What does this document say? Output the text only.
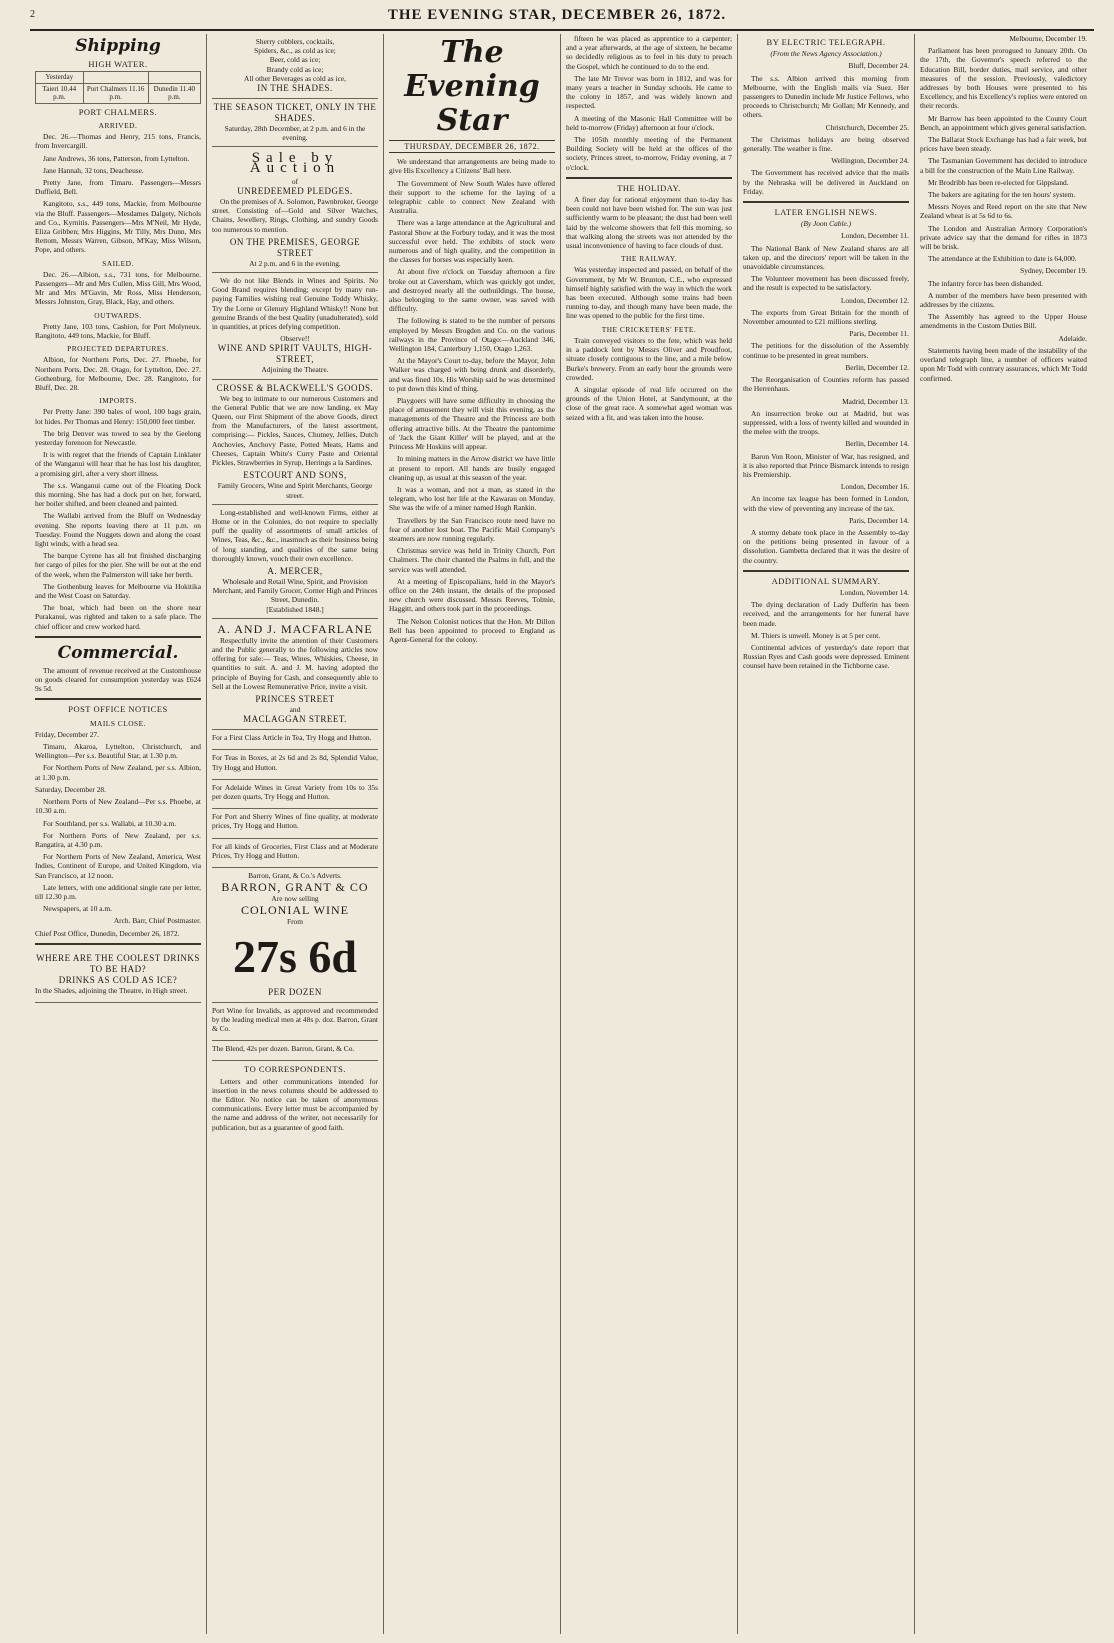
2	THE EVENING STAR, DECEMBER 26, 1872.
Shipping
HIGH WATER.
Yesterday		
Taieri 10.44 p.m.	Port Chalmers 11.16 p.m.	Dunedin 11.40 p.m.
PORT CHALMERS.
ARRIVED.

Dec. 26.—Thomas and Henry, 215 tons, Francis, from Invercargill.

Jane Andrews, 36 tons, Patterson, from Lyttelton.

Jane Hannah, 32 tons, Deacheuse.

Pretty Jane, from Timaru. Passengers—Messrs Duffield, Bell.

Kangitoto, s.s., 449 tons, Mackie, from Melbourne via the Bluff. Passengers—Mesdames Dalgety, Nichols and Co., Kyrnitis. Passengers—Mrs M'Neil, Mr Hyde, Eliza Gribben; Mrs Higgins, Mr Tilly, Mrs Dunn, Mrs Rettom, Messrs Warren, Gibson, M'Kay, Miss Wilson, Pope, and others.

SAILED.

Dec. 26.—Albion, s.s., 731 tons, for Melbourne. Passengers—Mr and Mrs Cullen, Miss Gill, Mrs Wood, Mr and Mrs M'Gavin, Mr Ross, Miss Henderson, Messrs Johnston, Gray, Black, Hay, and others.

OUTWARDS.

Pretty Jane, 103 tons, Cashion, for Port Molyneux. Rangitoto, 449 tons, Mackie, for Bluff.

PROJECTED DEPARTURES.

Albion, for Northern Ports, Dec. 27. Phoebe, for Northern Ports, Dec. 28. Otago, for Lyttelton, Dec. 27. Gothenburg, for Melbourne, Dec. 28. Rangitoto, for Bluff, Dec. 28.

IMPORTS.

Per Pretty Jane: 390 bales of wool, 100 bags grain, lot hides. Per Thomas and Henry: 150,000 feet timber.

The brig Denver was towed to sea by the Geelong yesterday forenoon for Newcastle.

It is with regret that the friends of Captain Linklater of the Wanganui will hear that he has lost his daughter, a promising girl, after a very short illness.

The s.s. Wanganui came out of the Floating Dock this morning. She has had a dock put on her, forward, her boiler shifted, and been cleaned and painted.

The Wallabi arrived from the Bluff on Wednesday evening. She reports leaving there at 11 p.m. on Tuesday. Found the Nuggets down and along the coast light winds, with a head sea.

The barque Cyrene has all but finished discharging her cargo of piles for the pier. She will be out at the end of the week, when the Palmerston will take her berth.

The Gothenburg leaves for Melbourne via Hokitika and the West Coast on Saturday.

The boat, which had been on the shore near Purakanui, was righted and taken to a safe place. The chief officer and crew worked hard.

Commercial.

The amount of revenue received at the Customhouse on goods cleared for consumption yesterday was £624 9s 5d.

POST OFFICE NOTICES
MAILS CLOSE.

Friday, December 27.

Timaru, Akaroa, Lyttelton, Christchurch, and Wellington—Per s.s. Beautiful Star, at 1.30 p.m.

For Northern Ports of New Zealand, per s.s. Albion, at 1.30 p.m.

Saturday, December 28.

Northern Ports of New Zealand—Per s.s. Phoebe, at 10.30 a.m.

For Southland, per s.s. Wallabi, at 10.30 a.m.

For Northern Ports of New Zealand, per s.s. Rangatira, at 4.30 p.m.

For Northern Ports of New Zealand, America, West Indies, Continent of Europe, and United Kingdom, via San Francisco, at 12 noon.

Late letters, with one additional single rate per letter, till 12.30 p.m.

Newspapers, at 10 a.m.

Arch. Barr, Chief Postmaster.

Chief Post Office, Dunedin, December 26, 1872.

WHERE ARE THE COOLEST DRINKS TO BE HAD?
DRINKS AS COLD AS ICE?

In the Shades, adjoining the Theatre, in High street.

Sherry cobblers, cocktails,
Spiders, &c., as cold as ice;
Beer, cold as ice;
Brandy cold as ice;
All other Beverages as cold as ice,
IN THE SHADES.
THE SEASON TICKET, ONLY IN THE SHADES.
Saturday, 28th December, at 2 p.m. and 6 in the evening.
Sale by Auction
of
UNREDEEMED PLEDGES.

On the premises of A. Solomon, Pawnbroker, George street. Consisting of—Gold and Silver Watches, Chains, Jewellery, Rings, Clothing, and sundry Goods too numerous to mention.

ON THE PREMISES, GEORGE STREET
At 2 p.m. and 6 in the evening.

We do not like Blends in Wines and Spirits. No Good Brand requires blending; except by many run-paying Families wishing real Genuine Toddy Whisky, Try the Lorne or Glenury Highland Whisky!! None but genuine Brands of the best Quality (unadulterated), sold in quantities, at prices defying competition.

Observe!!
WINE AND SPIRIT VAULTS, HIGH-STREET,
Adjoining the Theatre.
CROSSE & BLACKWELL'S GOODS.

We beg to intimate to our numerous Customers and the General Public that we are now landing, ex May Queen, our First Shipment of the above Goods, direct from the Manufacturers, of the latest assortment, comprising:— Pickles, Sauces, Chutney, Jellies, Dutch Anchovies, Anchovy Paste, Potted Meats, Hams and Cheeses, Captain White's Curry Paste and Oriental Pickles, Strawberries in Syrup, Herrings a la Sardines.

ESTCOURT AND SONS,
Family Grocers, Wine and Spirit Merchants, George street.

Long-established and well-known Firms, either at Home or in the Colonies, do not require to specially puff the quality of assortments of small articles of Wines, Teas, &c., &c., inasmuch as their business being of long standing, and qualities of the same being thoroughly known, vouch their own excellence.

A. MERCER,
Wholesale and Retail Wine, Spirit, and Provision Merchant, and Family Grocer, Corner High and Princes Street, Dunedin.
[Established 1848.]
A. AND J. MACFARLANE

Respectfully invite the attention of their Customers and the Public generally to the following articles now offering for sale:— Teas, Wines, Whiskies, Cheese, in quantities to suit. A. and J. M. having adopted the principle of Buying for Cash, and consequently able to Sell at the Lowest Remunerative Price, invite a visit.

PRINCES STREET
and
MACLAGGAN STREET.

For a First Class Article in Tea, Try Hogg and Hutton.

For Teas in Boxes, at 2s 6d and 2s 8d, Splendid Value, Try Hogg and Hutton.

For Adelaide Wines in Great Variety from 10s to 35s per dozen quarts, Try Hogg and Hutton.

For Port and Sherry Wines of fine quality, at moderate prices, Try Hogg and Hutton.

For all kinds of Groceries, First Class and at Moderate Prices, Try Hogg and Hutton.

Barron, Grant, & Co.'s Adverts.
BARRON, GRANT & CO
Are now selling
COLONIAL WINE
From
27s 6d
PER DOZEN

Port Wine for Invalids, as approved and recommended by the leading medical men at 48s p. doz. Barron, Grant & Co.

The Blend, 42s per dozen. Barron, Grant, & Co.

TO CORRESPONDENTS.

Letters and other communications intended for insertion in the news columns should be addressed to the Editor. No notice can be taken of anonymous communications. Every letter must be accompanied by the name and address of the writer, not necessarily for publication, but as a guarantee of good faith.

The Evening Star
THURSDAY, DECEMBER 26, 1872.

We understand that arrangements are being made to give His Excellency a Citizens' Ball here.

The Government of New South Wales have offered their support to the scheme for the laying of a telegraphic cable to connect New Zealand with Australia.

There was a large attendance at the Agricultural and Pastoral Show at the Forbury today, and it was the most successful ever held. The exhibits of stock were numerous and of high quality, and the competition in the classes for horses was especially keen.

At about five o'clock on Tuesday afternoon a fire broke out at Caversham, which was quickly got under, and destroyed nearly all the outbuildings. The house, also belonging to the same owner, was saved with difficulty.

The following is stated to be the number of persons employed by Messrs Brogden and Co. on the various railways in the Province of Otago:—Auckland 346, Wellington 184, Canterbury 1,150, Otago 1,263.

At the Mayor's Court to-day, before the Mayor, John Walker was charged with being drunk and disorderly, and was fined 10s. His Worship said he was determined to put down this kind of thing.

Playgoers will have some difficulty in choosing the place of amusement they will visit this evening, as the managements of the Theatre and the Princess are both offering attractive bills. At the Theatre the pantomime of 'Jack the Giant Killer' will be played, and at the Princess Mr Hoskins will appear.

In mining matters in the Arrow district we have little at present to report. All hands are busily engaged cleaning up, as usual at this season of the year.

It was a woman, and not a man, as stated in the telegram, who lost her life at the Kawarau on Monday. She was the wife of a miner named Hugh Rankin.

Travellers by the San Francisco route need have no fear of another lost boat. The Pacific Mail Company's steamers are now running regularly.

Christmas service was held in Trinity Church, Port Chalmers. The choir chanted the Psalms in full, and the service was well attended.

At a meeting of Episcopalians, held in the Mayor's office on the 24th instant, the details of the proposed new church were discussed. Messrs Reeves, Tolmie, Haggitt, and others took part in the proceedings.

The Nelson Colonist notices that the Hon. Mr Dillon Bell has been appointed to proceed to England as Agent-General for the colony.

fifteen he was placed as apprentice to a carpenter; and a year afterwards, at the age of sixteen, he became so decidedly religious as to feel in his duty to preach the Gospel, which he continued to do to the end.

The late Mr Trevor was born in 1812, and was for many years a teacher in Sunday schools. He came to the colony in 1857, and was widely known and respected.

A meeting of the Masonic Hall Committee will be held to-morrow (Friday) afternoon at four o'clock.

The 105th monthly meeting of the Permanent Building Society will be held at the offices of the society, Princes street, to-morrow, Friday evening, at 7 o'clock.

THE HOLIDAY.

A finer day for rational enjoyment than to-day has been could not have been wished for. The sun was just sufficiently warm to be pleasant; the dust had been well laid by the welcome showers that fell this morning, so that walking along the streets was not attended by the usual inconvenience of having to face clouds of dust.

THE RAILWAY.

Was yesterday inspected and passed, on behalf of the Government, by Mr W. Brunton, C.E., who expressed himself highly satisfied with the way in which the work has been executed. Although some trains had been running to-day, and though many have been made, the line was opened to the public for the first time.

THE CRICKETERS' FETE.

Train conveyed visitors to the fete, which was held in a paddock lent by Messrs Oliver and Proudfoot, situate closely contiguous to the line, and a mile below Burke's brewery. From an early hour the grounds were crowded.

A singular episode of real life occurred on the grounds of the Union Hotel, at Sandymount, at the close of the great race. A somewhat aged woman was seized with a fit, and was taken into the house.

BY ELECTRIC TELEGRAPH.
(From the News Agency Association.)

Bluff, December 24.

The s.s. Albion arrived this morning from Melbourne, with the English mails via Suez. Her passengers to Dunedin include Mr Justice Fellows, who proceeds to Christchurch; Mr Gollan; Mr Kennedy, and others.

Christchurch, December 25.

The Christmas holidays are being observed generally. The weather is fine.

Wellington, December 24.

The Government has received advice that the mails by the Nebraska will be delivered in Auckland on Friday.

LATER ENGLISH NEWS.
(By Joon Cable.)

London, December 11.

The National Bank of New Zealand shares are all taken up, and the directors' report will be taken in the unavoidable circumstances.

The Volunteer movement has been discussed freely, and the result is expected to be satisfactory.

London, December 12.

The exports from Great Britain for the month of November amounted to £21 millions sterling.

Paris, December 11.

The petitions for the dissolution of the Assembly continue to be presented in great numbers.

Berlin, December 12.

The Reorganisation of Counties reform has passed the Herrenhaus.

Madrid, December 13.

An insurrection broke out at Madrid, but was suppressed, with a loss of twenty killed and wounded in the melee with the troops.

Berlin, December 14.

Baron Von Roon, Minister of War, has resigned, and it is also reported that Prince Bismarck intends to resign his Premiership.

London, December 16.

An income tax league has been formed in London, with the view of preventing any increase of the tax.

Paris, December 14.

A stormy debate took place in the Assembly to-day on the petitions being presented in favour of a dissolution. Gambetta declared that it was the desire of the country.

ADDITIONAL SUMMARY.

London, November 14.

The dying declaration of Lady Dufferin has been received, and the arrangements for her funeral have been made.

M. Thiers is unwell. Money is at 5 per cent.

Continental advices of yesterday's date report that Russian Ryes and Cash goods were depressed. Eminent counsel have been retained in the Tichborne case.

Melbourne, December 19.

Parliament has been prorogued to January 20th. On the 17th, the Governor's speech referred to the Education Bill, border duties, mail service, and other measures of the session. Previously, valedictory addresses by both Houses were presented to his Excellency, and his Excellency's replies were entered on their records.

Mr Barrow has been appointed to the County Court Bench, an appointment which gives general satisfaction.

The Ballarat Stock Exchange has had a fair week, but prices have been steady.

The Tasmanian Government has decided to introduce a bill for the construction of the Main Line Railway.

Mr Brodribb has been re-elected for Gippsland.

The bakers are agitating for the ten hours' system.

Messrs Noyes and Reed report on the site that New Zealand wheat is at 5s 6d to 6s.

The London and Australian Armory Corporation's private advice say that the demand for rifles in 1873 will be brisk.

The attendance at the Exhibition to date is 64,000.

Sydney, December 19.

The infantry force has been disbanded.

A number of the members have been presented with addresses by the citizens.

The Assembly has agreed to the Upper House amendments in the Custom Duties Bill.

Adelaide.

Statements having been made of the instability of the overland telegraph line, a number of officers waited upon Mr Todd with contrary assurances, which Mr Todd confirmed.
